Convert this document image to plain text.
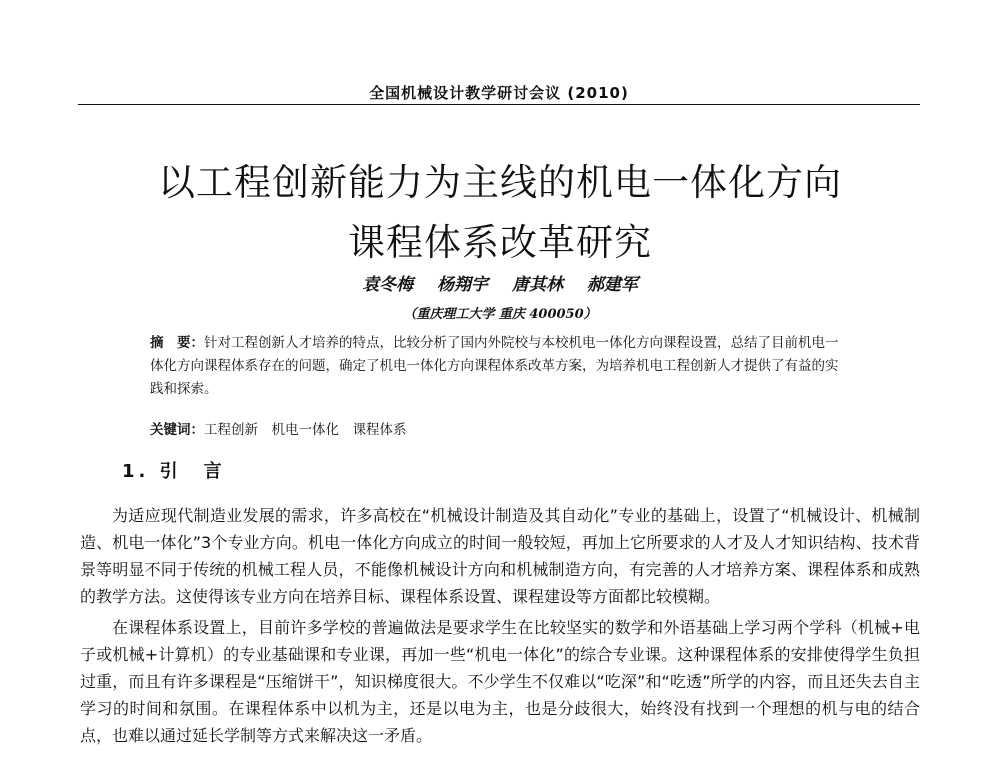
全国机械设计教学研讨会议 (2010)
以工程创新能力为主线的机电一体化方向
课程体系改革研究
袁冬梅 杨翔宇 唐其林 郝建军
（重庆理工大学 重庆 400050）
摘　要：针对工程创新人才培养的特点，比较分析了国内外院校与本校机电一体化方向课程设置，总结了目前机电一体化方向课程体系存在的问题，确定了机电一体化方向课程体系改革方案，为培养机电工程创新人才提供了有益的实践和探索。
关键词：工程创新　机电一体化　课程体系
1. 引　言

为适应现代制造业发展的需求，许多高校在“机械设计制造及其自动化”专业的基础上，设置了“机械设计、机械制造、机电一体化”3个专业方向。机电一体化方向成立的时间一般较短，再加上它所要求的人才及人才知识结构、技术背景等明显不同于传统的机械工程人员，不能像机械设计方向和机械制造方向，有完善的人才培养方案、课程体系和成熟的教学方法。这使得该专业方向在培养目标、课程体系设置、课程建设等方面都比较模糊。

在课程体系设置上，目前许多学校的普遍做法是要求学生在比较坚实的数学和外语基础上学习两个学科（机械+电子或机械+计算机）的专业基础课和专业课，再加一些“机电一体化”的综合专业课。这种课程体系的安排使得学生负担过重，而且有许多课程是“压缩饼干”，知识梯度很大。不少学生不仅难以“吃深”和“吃透”所学的内容，而且还失去自主学习的时间和氛围。在课程体系中以机为主，还是以电为主，也是分歧很大，始终没有找到一个理想的机与电的结合点，也难以通过延长学制等方式来解决这一矛盾。
